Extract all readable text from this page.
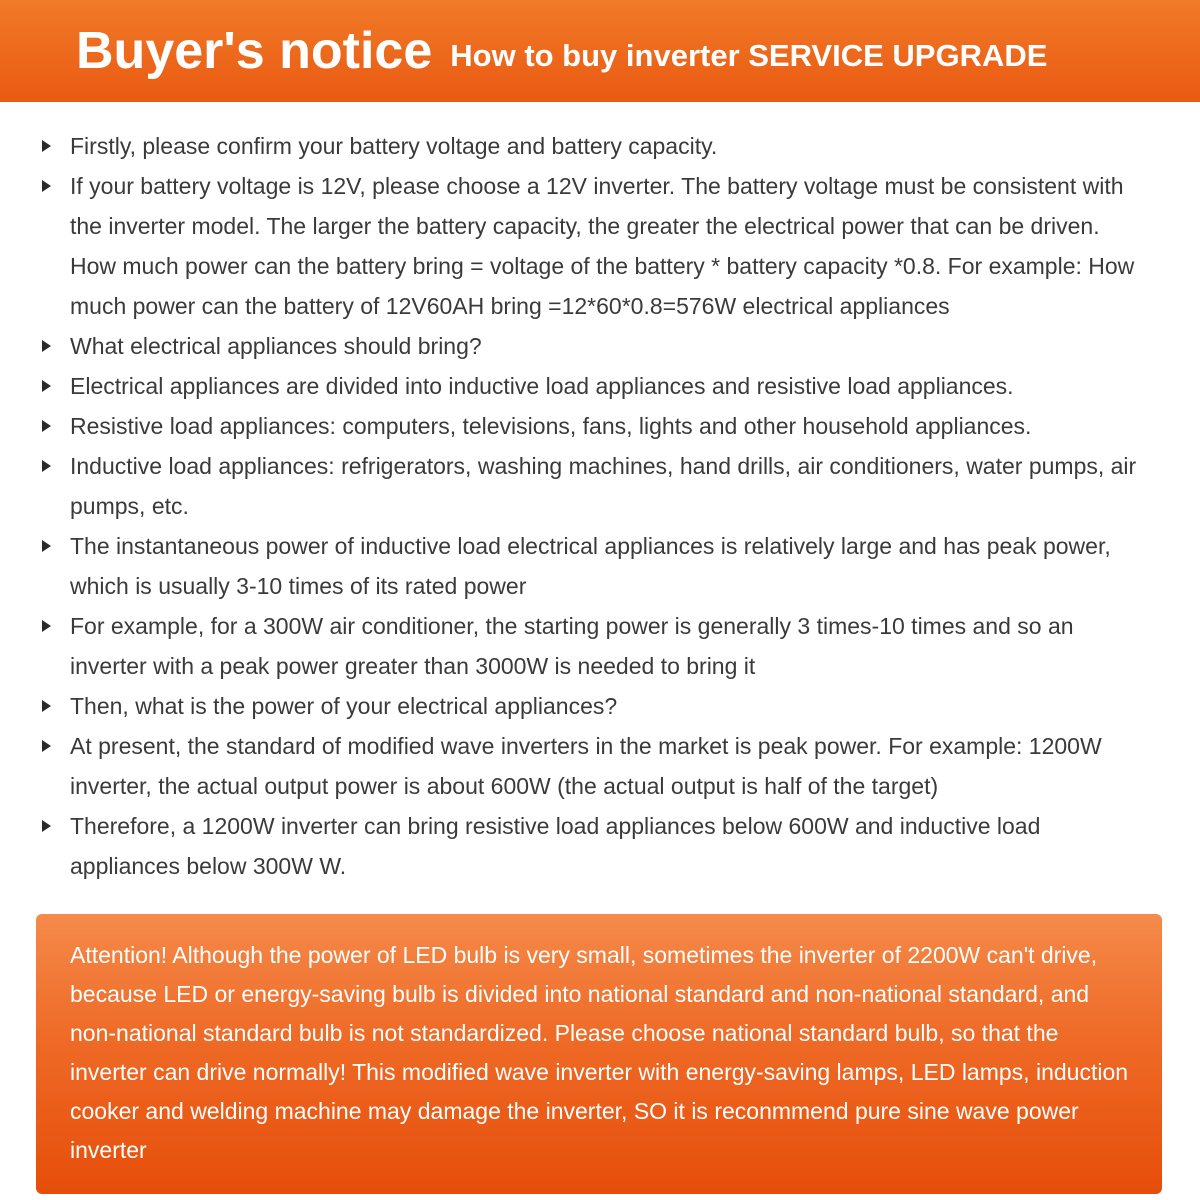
Buyer's notice How to buy inverter SERVICE UPGRADE
Firstly, please confirm your battery voltage and battery capacity.
If your battery voltage is 12V, please choose a 12V inverter. The battery voltage must be consistent with the inverter model. The larger the battery capacity, the greater the electrical power that can be driven. How much power can the battery bring = voltage of the battery * battery capacity *0.8. For example: How much power can the battery of 12V60AH bring =12*60*0.8=576W electrical appliances
What electrical appliances should bring?
Electrical appliances are divided into inductive load appliances and resistive load appliances.
Resistive load appliances: computers, televisions, fans, lights and other household appliances.
Inductive load appliances: refrigerators, washing machines, hand drills, air conditioners, water pumps, air pumps, etc.
The instantaneous power of inductive load electrical appliances is relatively large and has peak power, which is usually 3-10 times of its rated power
For example, for a 300W air conditioner, the starting power is generally 3 times-10 times and so an inverter with a peak power greater than 3000W is needed to bring it
Then, what is the power of your electrical appliances?
At present, the standard of modified wave inverters in the market is peak power. For example: 1200W inverter, the actual output power is about 600W (the actual output is half of the target)
Therefore, a 1200W inverter can bring resistive load appliances below 600W and inductive load appliances below 300W W.

Attention! Although the power of LED bulb is very small, sometimes the inverter of 2200W can't drive, because LED or energy-saving bulb is divided into national standard and non-national standard, and non-national standard bulb is not standardized. Please choose national standard bulb, so that the inverter can drive normally! This modified wave inverter with energy-saving lamps, LED lamps, induction cooker and welding machine may damage the inverter, SO it is reconmmend pure sine wave power inverter
